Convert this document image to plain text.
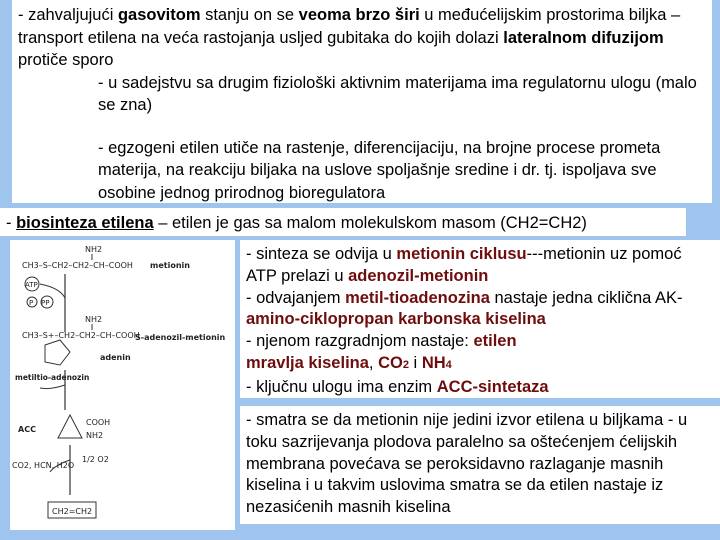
- zahvaljujući gasovitom stanju on se veoma brzo širi u međućelijskim prostorima biljka – transport etilena na veća rastojanja usljed gubitaka do kojih dolazi lateralnom difuzijom protiče sporo
- u sadejstvu sa drugim fiziološki aktivnim materijama ima regulatornu ulogu (malo se zna)
- egzogeni etilen utiče na rastenje, diferencijaciju, na brojne procese prometa materija, na reakciju biljaka na uslove spoljašnje sredine i dr. tj. ispoljava sve osobine jednog prirodnog bioregulatora
- biosinteza etilena – etilen je gas sa malom molekulskom masom (CH2=CH2)
NH2
CH3–S–CH2–CH2–CH–COOH metionin
ATP
P PP
NH2
CH3–S+–CH2–CH2–CH–COOH
S-adenozil-metionin
adenin
metiltio-adenozin
COOH
NH2
ACC
1/2 O2
CO2, HCN, H2O
CH2=CH2
- sinteza se odvija u metionin ciklusu---metionin uz pomoć ATP prelazi u adenozil-metionin
- odvajanjem metil-tioadenozina nastaje jedna ciklična AK- amino-ciklopropan karbonska kiselina
- njenom razgradnjom nastaje: etilen
mravlja kiselina, CO2 i NH4
- ključnu ulogu ima enzim ACC-sintetaza
- smatra se da metionin nije jedini izvor etilena u biljkama - u toku sazrijevanja plodova paralelno sa oštećenjem ćelijskih membrana povećava se peroksidavno razlaganje masnih kiselina i u takvim uslovima smatra se da etilen nastaje iz nezasićenih masnih kiselina
